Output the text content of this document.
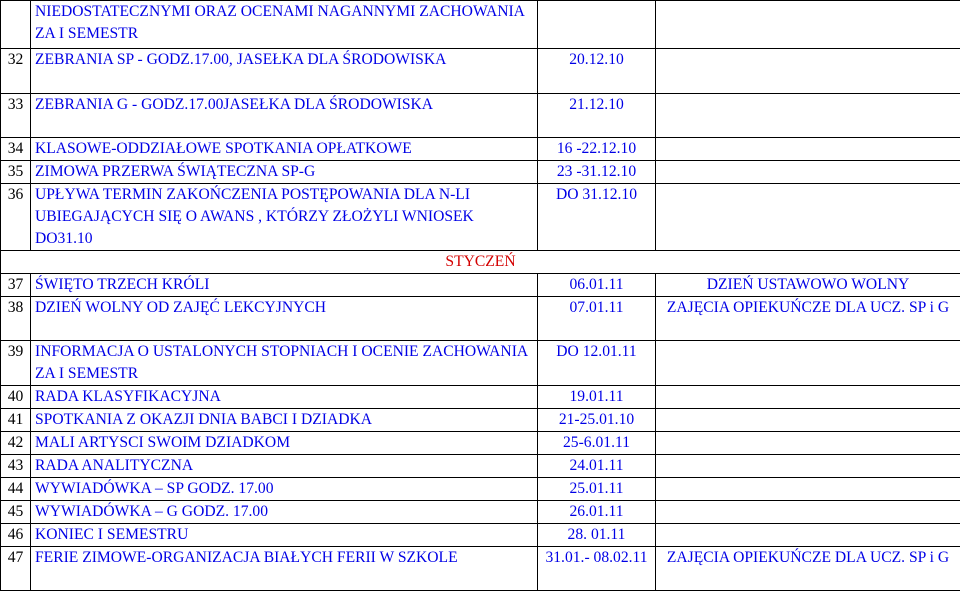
	NIEDOSTATECZNYMI ORAZ OCENAMI NAGANNYMI ZACHOWANIA ZA I SEMESTR		
32	ZEBRANIA SP - GODZ.17.00, JASEŁKA DLA ŚRODOWISKA	20.12.10	
33	ZEBRANIA G - GODZ.17.00JASEŁKA DLA ŚRODOWISKA	21.12.10	
34	KLASOWE-ODDZIAŁOWE SPOTKANIA OPŁATKOWE	16 -22.12.10	
35	ZIMOWA PRZERWA ŚWIĄTECZNA SP-G	23 -31.12.10	
36	UPŁYWA TERMIN ZAKOŃCZENIA POSTĘPOWANIA DLA N-LI UBIEGAJĄCYCH SIĘ O AWANS , KTÓRZY ZŁOŻYLI WNIOSEK DO31.10	DO 31.12.10	
STYCZEŃ			
37	ŚWIĘTO TRZECH KRÓLI	06.01.11	DZIEŃ USTAWOWO WOLNY
38	DZIEŃ WOLNY OD ZAJĘĆ LEKCYJNYCH	07.01.11	ZAJĘCIA OPIEKUŃCZE DLA UCZ. SP i G
39	INFORMACJA O USTALONYCH STOPNIACH I OCENIE ZACHOWANIA ZA I SEMESTR	DO 12.01.11	
40	RADA KLASYFIKACYJNA	19.01.11	
41	SPOTKANIA Z OKAZJI DNIA BABCI I DZIADKA	21-25.01.10	
42	MALI ARTYSCI SWOIM DZIADKOM	25-6.01.11	
43	RADA ANALITYCZNA	24.01.11	
44	WYWIADÓWKA – SP GODZ. 17.00	25.01.11	
45	WYWIADÓWKA – G GODZ. 17.00	26.01.11	
46	KONIEC I SEMESTRU	28. 01.11	
47	FERIE ZIMOWE-ORGANIZACJA BIAŁYCH FERII W SZKOLE	31.01.- 08.02.11	ZAJĘCIA OPIEKUŃCZE DLA UCZ. SP i G
